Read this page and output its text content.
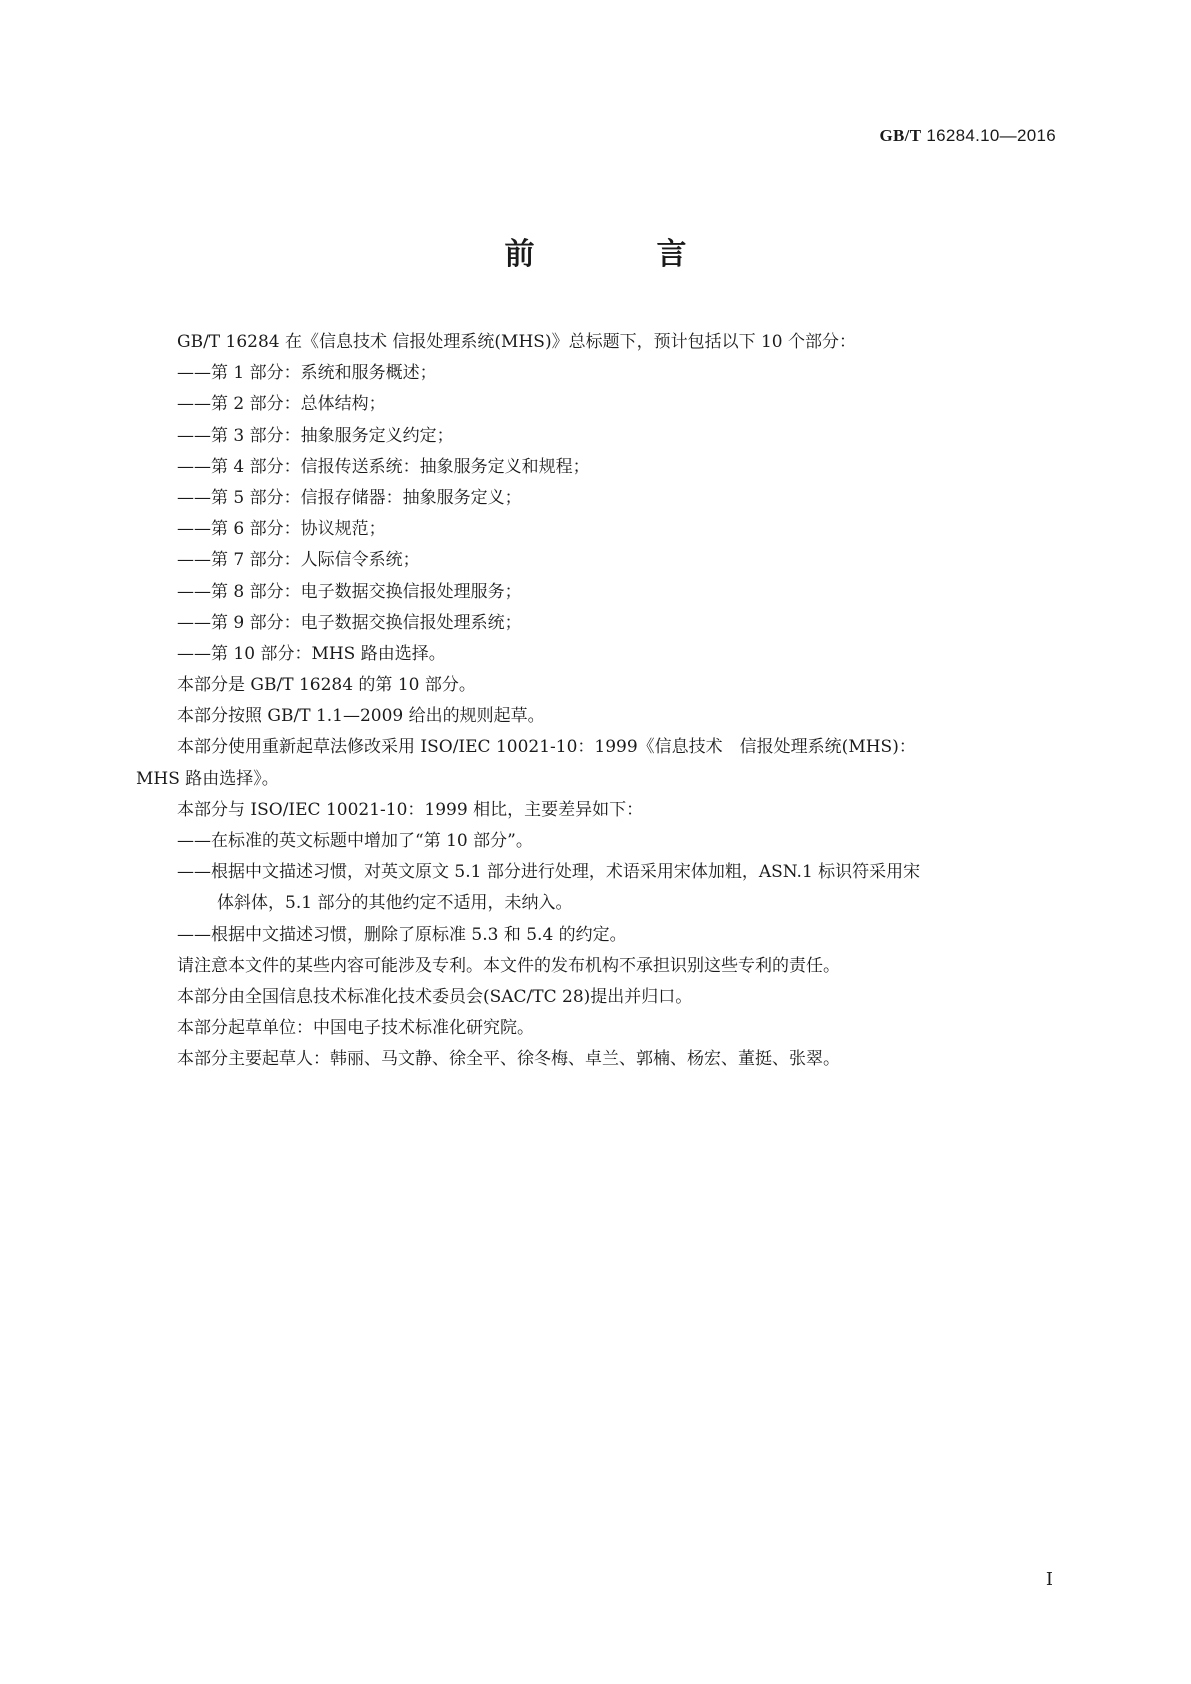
GB/T 16284.10—2016
前　言
GB/T 16284 在《信息技术 信报处理系统(MHS)》总标题下，预计包括以下 10 个部分：
——第 1 部分：系统和服务概述；
——第 2 部分：总体结构；
——第 3 部分：抽象服务定义约定；
——第 4 部分：信报传送系统：抽象服务定义和规程；
——第 5 部分：信报存储器：抽象服务定义；
——第 6 部分：协议规范；
——第 7 部分：人际信令系统；
——第 8 部分：电子数据交换信报处理服务；
——第 9 部分：电子数据交换信报处理系统；
——第 10 部分：MHS 路由选择。
本部分是 GB/T 16284 的第 10 部分。
本部分按照 GB/T 1.1—2009 给出的规则起草。
本部分使用重新起草法修改采用 ISO/IEC 10021-10：1999《信息技术　信报处理系统(MHS)：
MHS 路由选择》。
本部分与 ISO/IEC 10021-10：1999 相比，主要差异如下：
——在标准的英文标题中增加了“第 10 部分”。
——根据中文描述习惯，对英文原文 5.1 部分进行处理，术语采用宋体加粗，ASN.1 标识符采用宋
体斜体，5.1 部分的其他约定不适用，未纳入。
——根据中文描述习惯，删除了原标准 5.3 和 5.4 的约定。
请注意本文件的某些内容可能涉及专利。本文件的发布机构不承担识别这些专利的责任。
本部分由全国信息技术标准化技术委员会(SAC/TC 28)提出并归口。
本部分起草单位：中国电子技术标准化研究院。
本部分主要起草人：韩丽、马文静、徐全平、徐冬梅、卓兰、郭楠、杨宏、董挺、张翠。
I
